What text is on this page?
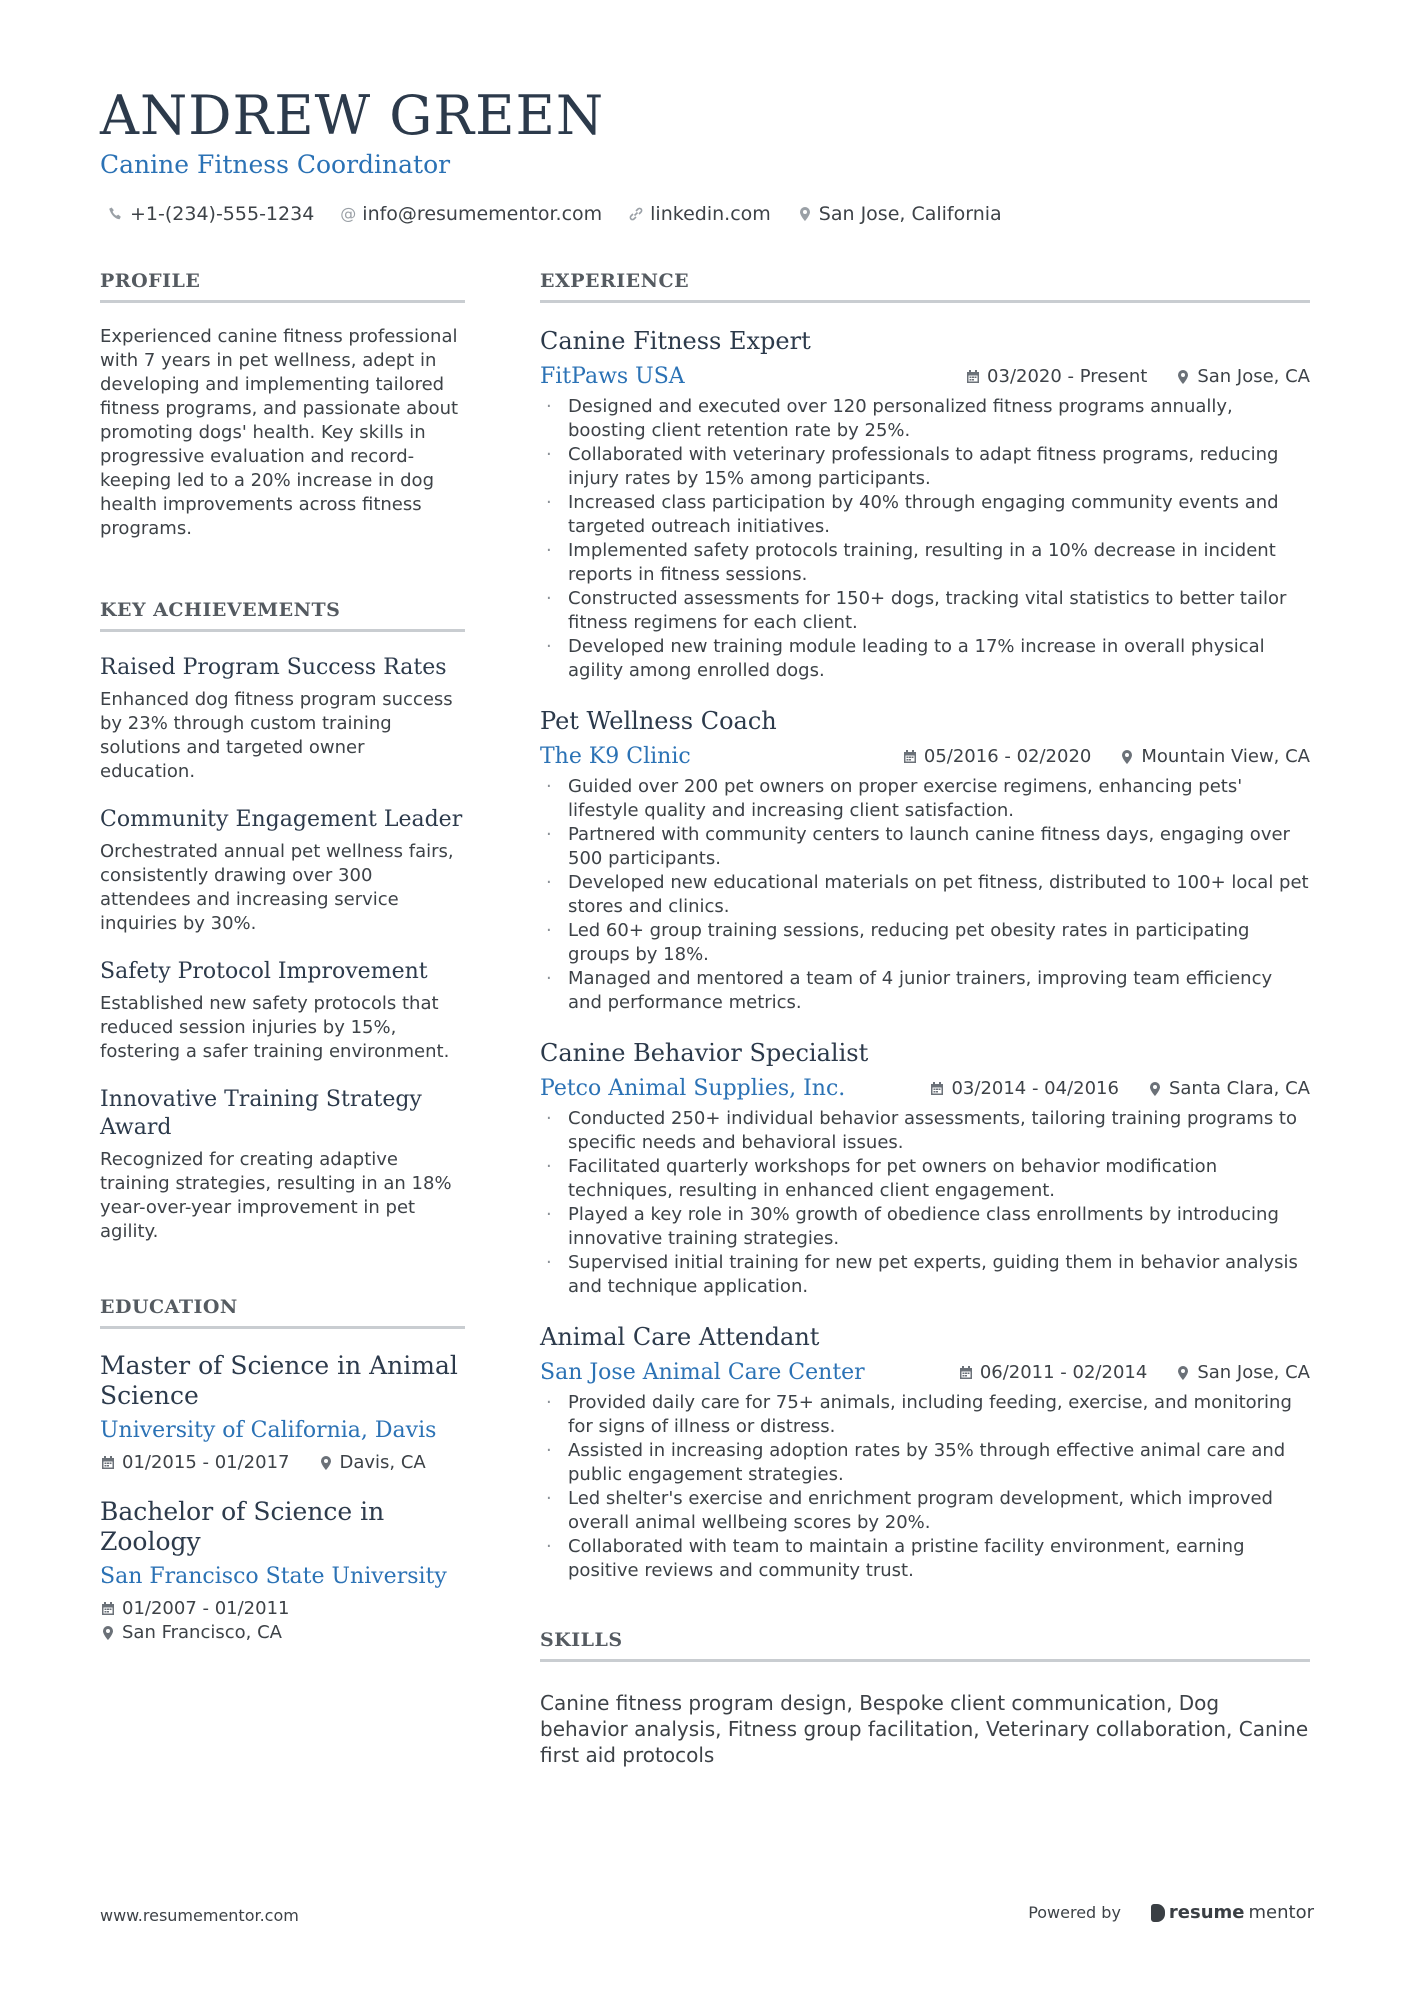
ANDREW GREEN
Canine Fitness Coordinator
+1-(234)-555-1234 @ info@resumementor.com	linkedin.com	San Jose, California
PROFILE

Experienced canine fitness professional with 7 years in pet wellness, adept in developing and implementing tailored fitness programs, and passionate about promoting dogs' health. Key skills in progressive evaluation and record-keeping led to a 20% increase in dog health improvements across fitness programs.

KEY ACHIEVEMENTS
Raised Program Success Rates

Enhanced dog fitness program success by 23% through custom training solutions and targeted owner education.

Community Engagement Leader

Orchestrated annual pet wellness fairs, consistently drawing over 300 attendees and increasing service inquiries by 30%.

Safety Protocol Improvement

Established new safety protocols that reduced session injuries by 15%, fostering a safer training environment.

Innovative Training Strategy Award

Recognized for creating adaptive training strategies, resulting in an 18% year-over-year improvement in pet agility.

EDUCATION
Master of Science in Animal Science
University of California, Davis
01/2015 - 01/2017	Davis, CA
Bachelor of Science in Zoology
San Francisco State University
01/2007 - 01/2011
San Francisco, CA
EXPERIENCE
Canine Fitness Expert
FitPaws USA	03/2020 - Present	San Jose, CA
· Designed and executed over 120 personalized fitness programs annually, boosting client retention rate by 25%.
· Collaborated with veterinary professionals to adapt fitness programs, reducing injury rates by 15% among participants.
· Increased class participation by 40% through engaging community events and targeted outreach initiatives.
· Implemented safety protocols training, resulting in a 10% decrease in incident reports in fitness sessions.
· Constructed assessments for 150+ dogs, tracking vital statistics to better tailor fitness regimens for each client.
· Developed new training module leading to a 17% increase in overall physical agility among enrolled dogs.
Pet Wellness Coach
The K9 Clinic	05/2016 - 02/2020	Mountain View, CA
· Guided over 200 pet owners on proper exercise regimens, enhancing pets' lifestyle quality and increasing client satisfaction.
· Partnered with community centers to launch canine fitness days, engaging over 500 participants.
· Developed new educational materials on pet fitness, distributed to 100+ local pet stores and clinics.
· Led 60+ group training sessions, reducing pet obesity rates in participating groups by 18%.
· Managed and mentored a team of 4 junior trainers, improving team efficiency and performance metrics.
Canine Behavior Specialist
Petco Animal Supplies, Inc.	03/2014 - 04/2016	Santa Clara, CA
· Conducted 250+ individual behavior assessments, tailoring training programs to specific needs and behavioral issues.
· Facilitated quarterly workshops for pet owners on behavior modification techniques, resulting in enhanced client engagement.
· Played a key role in 30% growth of obedience class enrollments by introducing innovative training strategies.
· Supervised initial training for new pet experts, guiding them in behavior analysis and technique application.
Animal Care Attendant
San Jose Animal Care Center	06/2011 - 02/2014	San Jose, CA
· Provided daily care for 75+ animals, including feeding, exercise, and monitoring for signs of illness or distress.
· Assisted in increasing adoption rates by 35% through effective animal care and public engagement strategies.
· Led shelter's exercise and enrichment program development, which improved overall animal wellbeing scores by 20%.
· Collaborated with team to maintain a pristine facility environment, earning positive reviews and community trust.
SKILLS

Canine fitness program design, Bespoke client communication, Dog behavior analysis, Fitness group facilitation, Veterinary collaboration, Canine first aid protocols

www.resumementor.com	Powered by	resume mentor
